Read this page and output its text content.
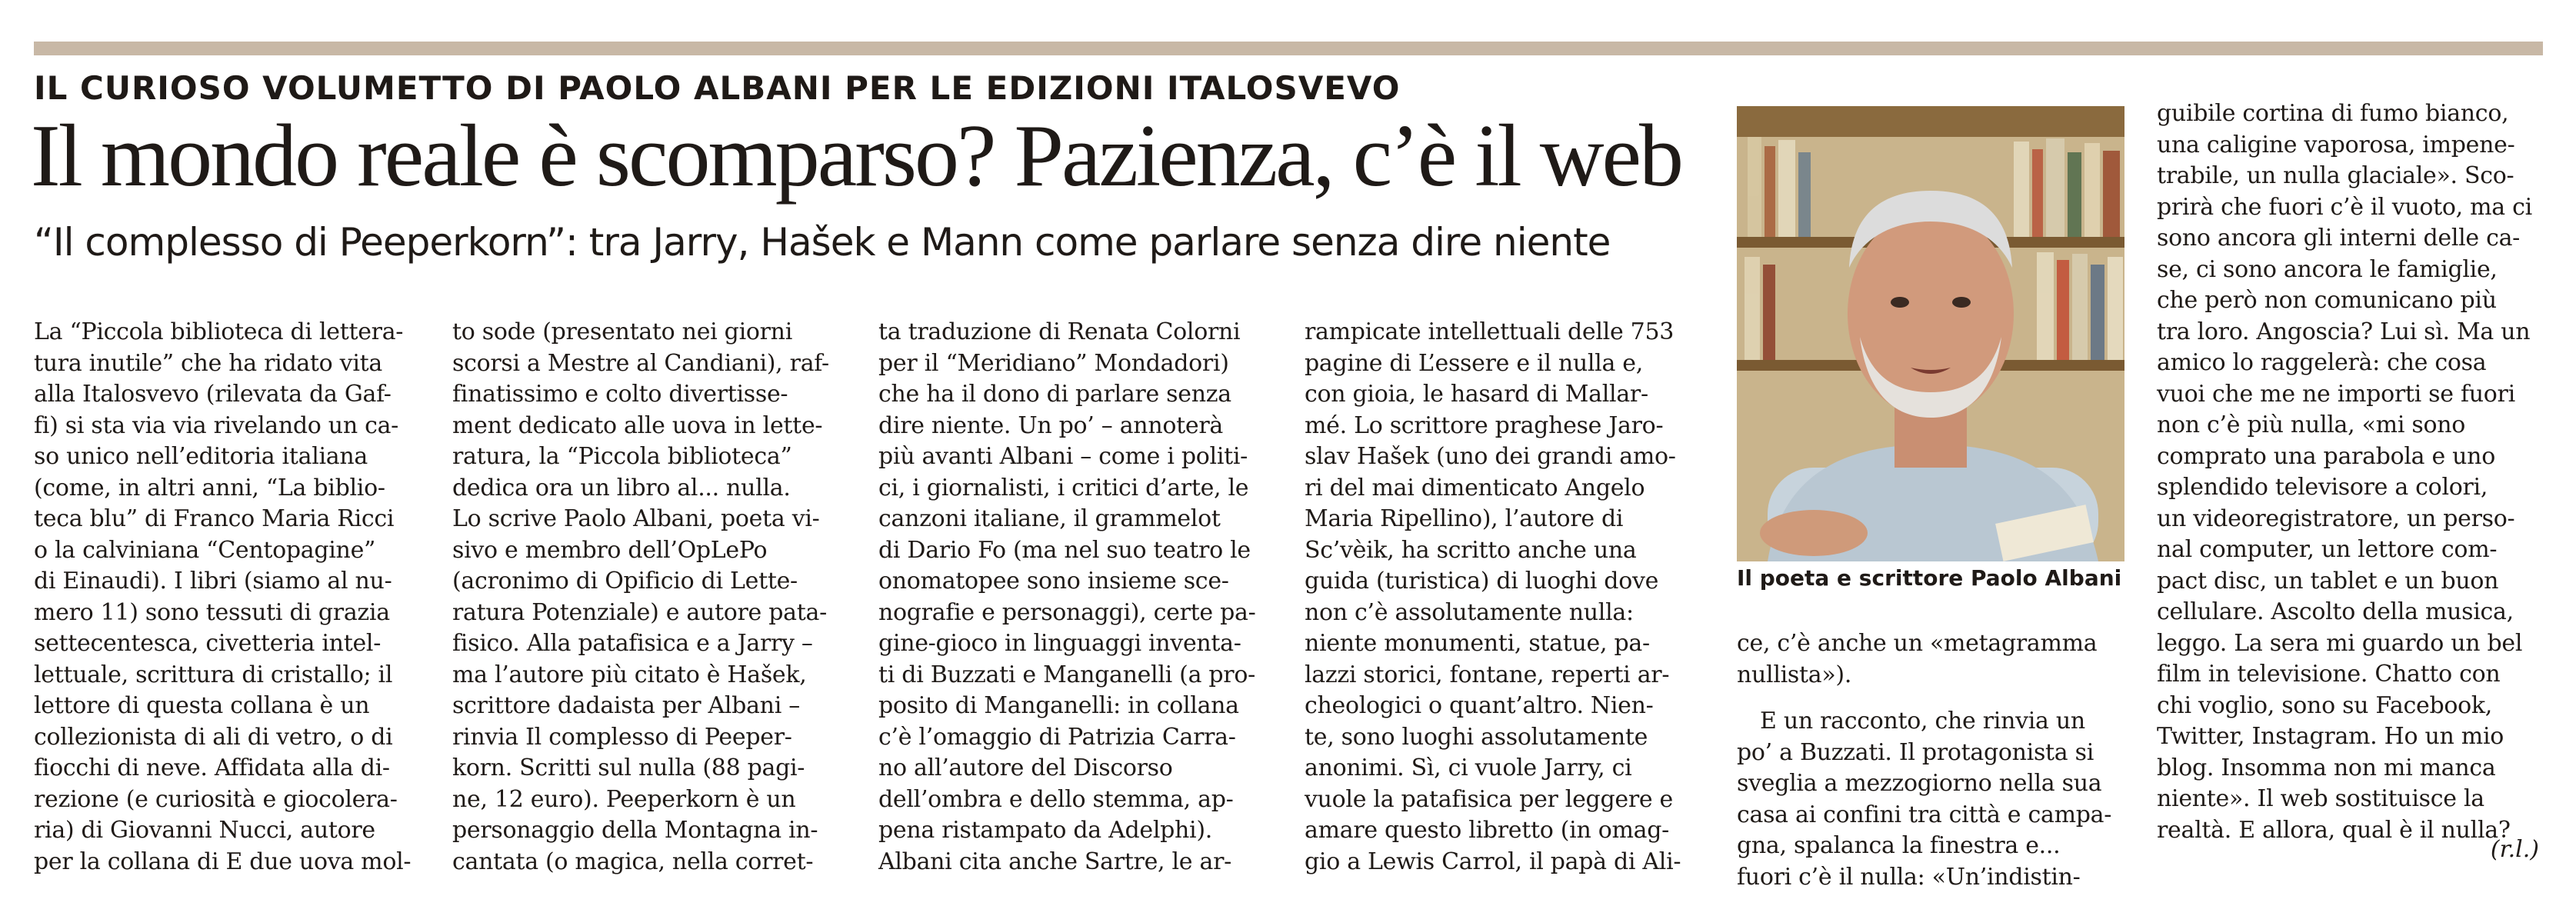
IL CURIOSO VOLUMETTO DI PAOLO ALBANI PER LE EDIZIONI ITALOSVEVO
Il mondo reale è scomparso? Pazienza, c’è il web
“Il complesso di Peeperkorn”: tra Jarry, Hašek e Mann come parlare senza dire niente
La “Piccola biblioteca di lettera-
tura inutile” che ha ridato vita
alla Italosvevo (rilevata da Gaf-
fi) si sta via via rivelando un ca-
so unico nell’editoria italiana
(come, in altri anni, “La biblio-
teca blu” di Franco Maria Ricci
o la calviniana “Centopagine”
di Einaudi). I libri (siamo al nu-
mero 11) sono tessuti di grazia
settecentesca, civetteria intel-
lettuale, scrittura di cristallo; il
lettore di questa collana è un
collezionista di ali di vetro, o di
fiocchi di neve. Affidata alla di-
rezione (e curiosità e giocolera-
ria) di Giovanni Nucci, autore
per la collana di E due uova mol-
to sode (presentato nei giorni
scorsi a Mestre al Candiani), raf-
finatissimo e colto divertisse-
ment dedicato alle uova in lette-
ratura, la “Piccola biblioteca”
dedica ora un libro al... nulla.
Lo scrive Paolo Albani, poeta vi-
sivo e membro dell’OpLePo
(acronimo di Opificio di Lette-
ratura Potenziale) e autore pata-
fisico. Alla patafisica e a Jarry –
ma l’autore più citato è Hašek,
scrittore dadaista per Albani –
rinvia Il complesso di Peeper-
korn. Scritti sul nulla (88 pagi-
ne, 12 euro). Peeperkorn è un
personaggio della Montagna in-
cantata (o magica, nella corret-
ta traduzione di Renata Colorni
per il “Meridiano” Mondadori)
che ha il dono di parlare senza
dire niente. Un po’ – annoterà
più avanti Albani – come i politi-
ci, i giornalisti, i critici d’arte, le
canzoni italiane, il grammelot
di Dario Fo (ma nel suo teatro le
onomatopee sono insieme sce-
nografie e personaggi), certe pa-
gine-gioco in linguaggi inventa-
ti di Buzzati e Manganelli (a pro-
posito di Manganelli: in collana
c’è l’omaggio di Patrizia Carra-
no all’autore del Discorso
dell’ombra e dello stemma, ap-
pena ristampato da Adelphi).
Albani cita anche Sartre, le ar-
rampicate intellettuali delle 753
pagine di L’essere e il nulla e,
con gioia, le hasard di Mallar-
mé. Lo scrittore praghese Jaro-
slav Hašek (uno dei grandi amo-
ri del mai dimenticato Angelo
Maria Ripellino), l’autore di
Sc’vèik, ha scritto anche una
guida (turistica) di luoghi dove
non c’è assolutamente nulla:
niente monumenti, statue, pa-
lazzi storici, fontane, reperti ar-
cheologici o quant’altro. Nien-
te, sono luoghi assolutamente
anonimi. Sì, ci vuole Jarry, ci
vuole la patafisica per leggere e
amare questo libretto (in omag-
gio a Lewis Carrol, il papà di Ali-
Il poeta e scrittore Paolo Albani
ce, c’è anche un «metagramma
nullista»).
E un racconto, che rinvia un
po’ a Buzzati. Il protagonista si
sveglia a mezzogiorno nella sua
casa ai confini tra città e campa-
gna, spalanca la finestra e...
fuori c’è il nulla: «Un’indistin-
guibile cortina di fumo bianco,
una caligine vaporosa, impene-
trabile, un nulla glaciale». Sco-
prirà che fuori c’è il vuoto, ma ci
sono ancora gli interni delle ca-
se, ci sono ancora le famiglie,
che però non comunicano più
tra loro. Angoscia? Lui sì. Ma un
amico lo raggelerà: che cosa
vuoi che me ne importi se fuori
non c’è più nulla, «mi sono
comprato una parabola e uno
splendido televisore a colori,
un videoregistratore, un perso-
nal computer, un lettore com-
pact disc, un tablet e un buon
cellulare. Ascolto della musica,
leggo. La sera mi guardo un bel
film in televisione. Chatto con
chi voglio, sono su Facebook,
Twitter, Instagram. Ho un mio
blog. Insomma non mi manca
niente». Il web sostituisce la
realtà. E allora, qual è il nulla?
(r.l.)
